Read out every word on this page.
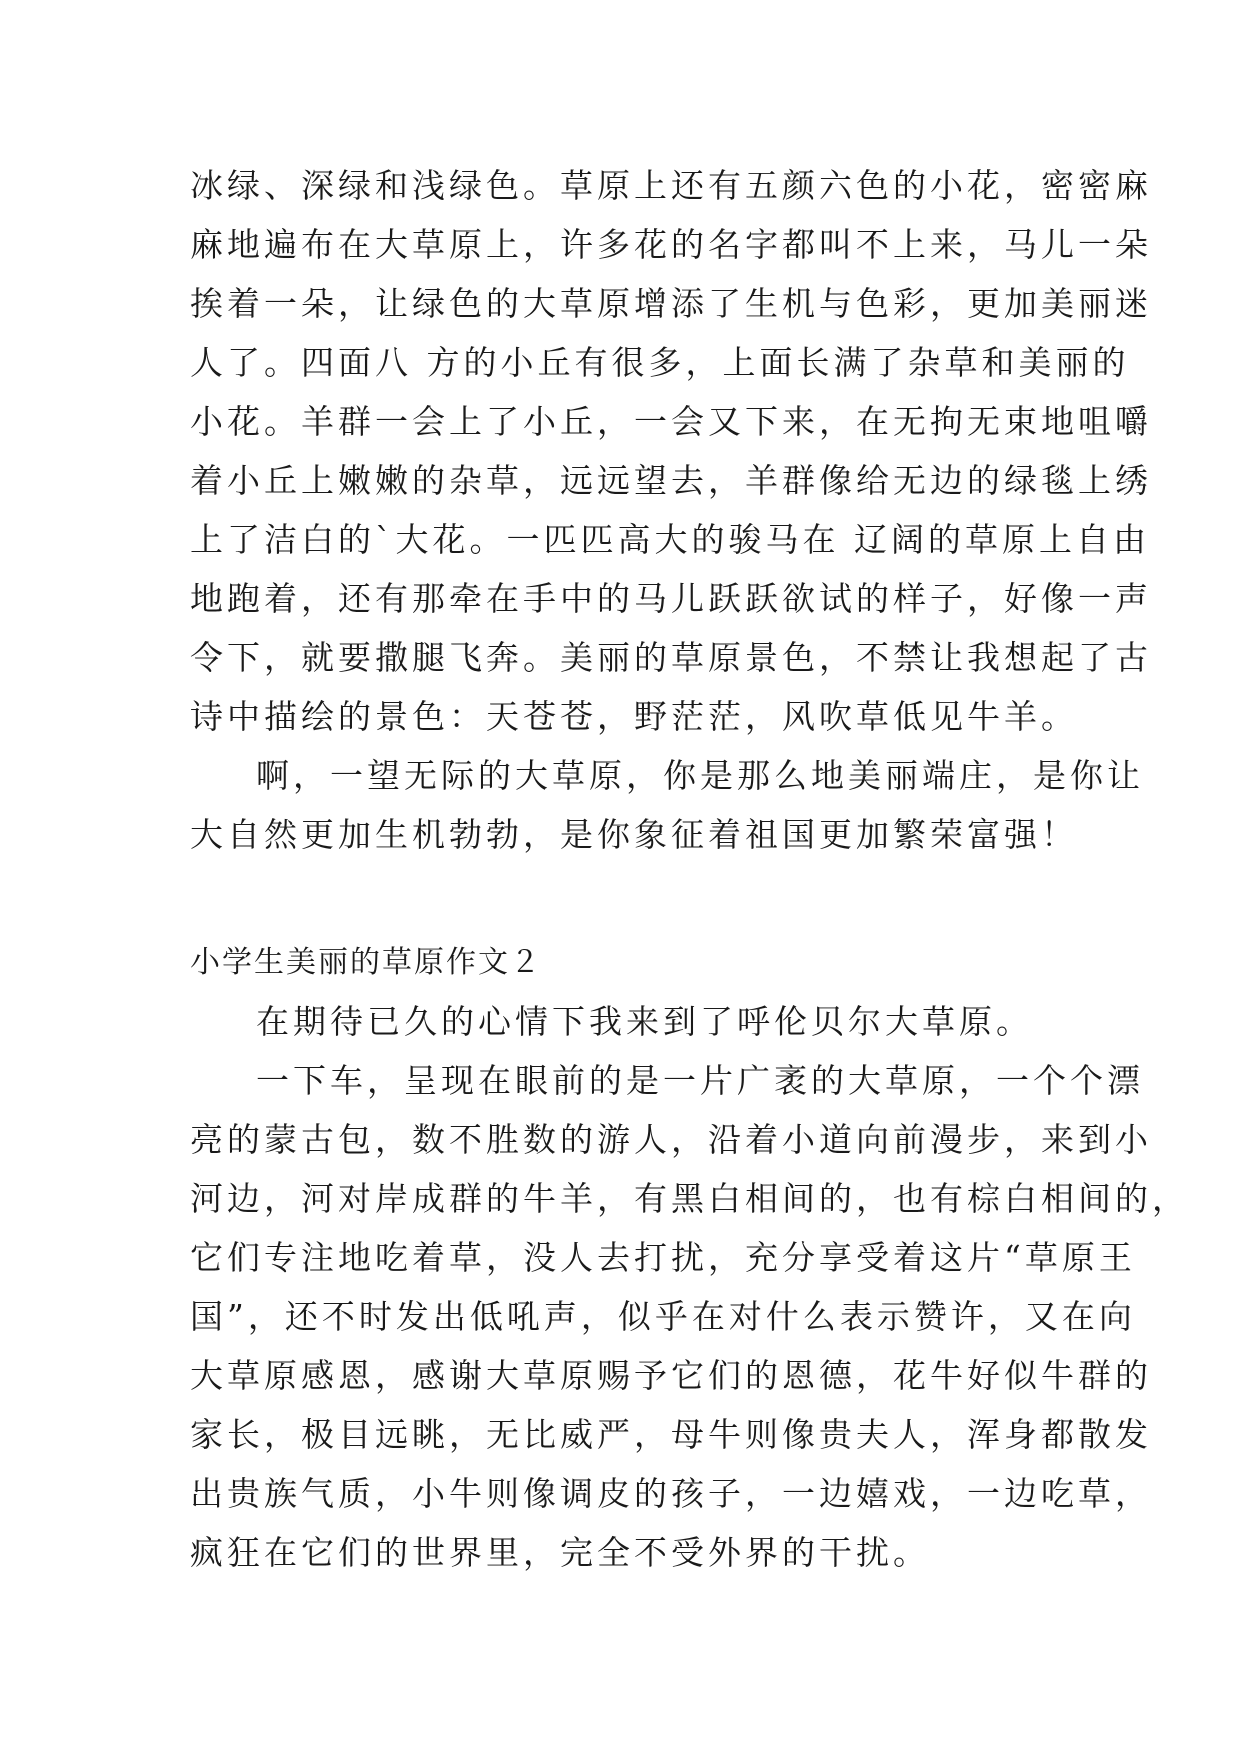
冰绿、深绿和浅绿色。草原上还有五颜六色的小花，密密麻
麻地遍布在大草原上，许多花的名字都叫不上来，马儿一朵
挨着一朵，让绿色的大草原增添了生机与色彩，更加美丽迷
人了。四面八 方的小丘有很多，上面长满了杂草和美丽的
小花。羊群一会上了小丘，一会又下来，在无拘无束地咀嚼
着小丘上嫩嫩的杂草，远远望去，羊群像给无边的绿毯上绣
上了洁白的`大花。一匹匹高大的骏马在 辽阔的草原上自由
地跑着，还有那牵在手中的马儿跃跃欲试的样子，好像一声
令下，就要撒腿飞奔。美丽的草原景色，不禁让我想起了古
诗中描绘的景色：天苍苍，野茫茫，风吹草低见牛羊。
啊，一望无际的大草原，你是那么地美丽端庄，是你让
大自然更加生机勃勃，是你象征着祖国更加繁荣富强！
小学生美丽的草原作文２
在期待已久的心情下我来到了呼伦贝尔大草原。
一下车，呈现在眼前的是一片广袤的大草原，一个个漂
亮的蒙古包，数不胜数的游人，沿着小道向前漫步，来到小
河边，河对岸成群的牛羊，有黑白相间的，也有棕白相间的，
它们专注地吃着草，没人去打扰，充分享受着这片“草原王
国”，还不时发出低吼声，似乎在对什么表示赞许，又在向
大草原感恩，感谢大草原赐予它们的恩德，花牛好似牛群的
家长，极目远眺，无比威严，母牛则像贵夫人，浑身都散发
出贵族气质，小牛则像调皮的孩子，一边嬉戏，一边吃草，
疯狂在它们的世界里，完全不受外界的干扰。
